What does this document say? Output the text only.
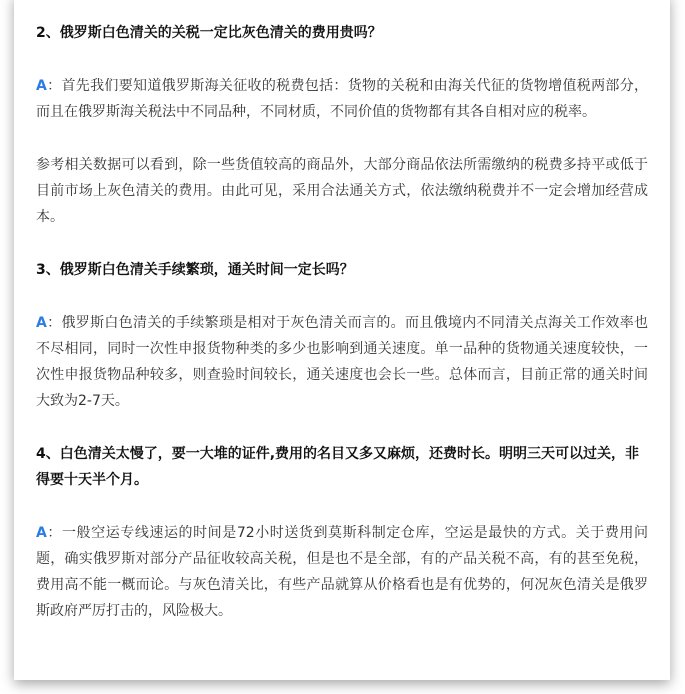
2、俄罗斯白色清关的关税一定比灰色清关的费用贵吗？

A：首先我们要知道俄罗斯海关征收的税费包括：货物的关税和由海关代征的货物增值税两部分，而且在俄罗斯海关税法中不同品种，不同材质，不同价值的货物都有其各自相对应的税率。

参考相关数据可以看到，除一些货值较高的商品外，大部分商品依法所需缴纳的税费多持平或低于目前市场上灰色清关的费用。由此可见，采用合法通关方式，依法缴纳税费并不一定会增加经营成本。

3、俄罗斯白色清关手续繁琐，通关时间一定长吗？

A：俄罗斯白色清关的手续繁琐是相对于灰色清关而言的。而且俄境内不同清关点海关工作效率也不尽相同，同时一次性申报货物种类的多少也影响到通关速度。单一品种的货物通关速度较快，一次性申报货物品种较多，则查验时间较长，通关速度也会长一些。总体而言，目前正常的通关时间大致为2-7天。

4、白色清关太慢了，要一大堆的证件,费用的名目又多又麻烦，还费时长。明明三天可以过关，非得要十天半个月。

A：一般空运专线速运的时间是72小时送货到莫斯科制定仓库，空运是最快的方式。关于费用问题，确实俄罗斯对部分产品征收较高关税，但是也不是全部，有的产品关税不高，有的甚至免税，费用高不能一概而论。与灰色清关比，有些产品就算从价格看也是有优势的，何况灰色清关是俄罗斯政府严厉打击的，风险极大。
